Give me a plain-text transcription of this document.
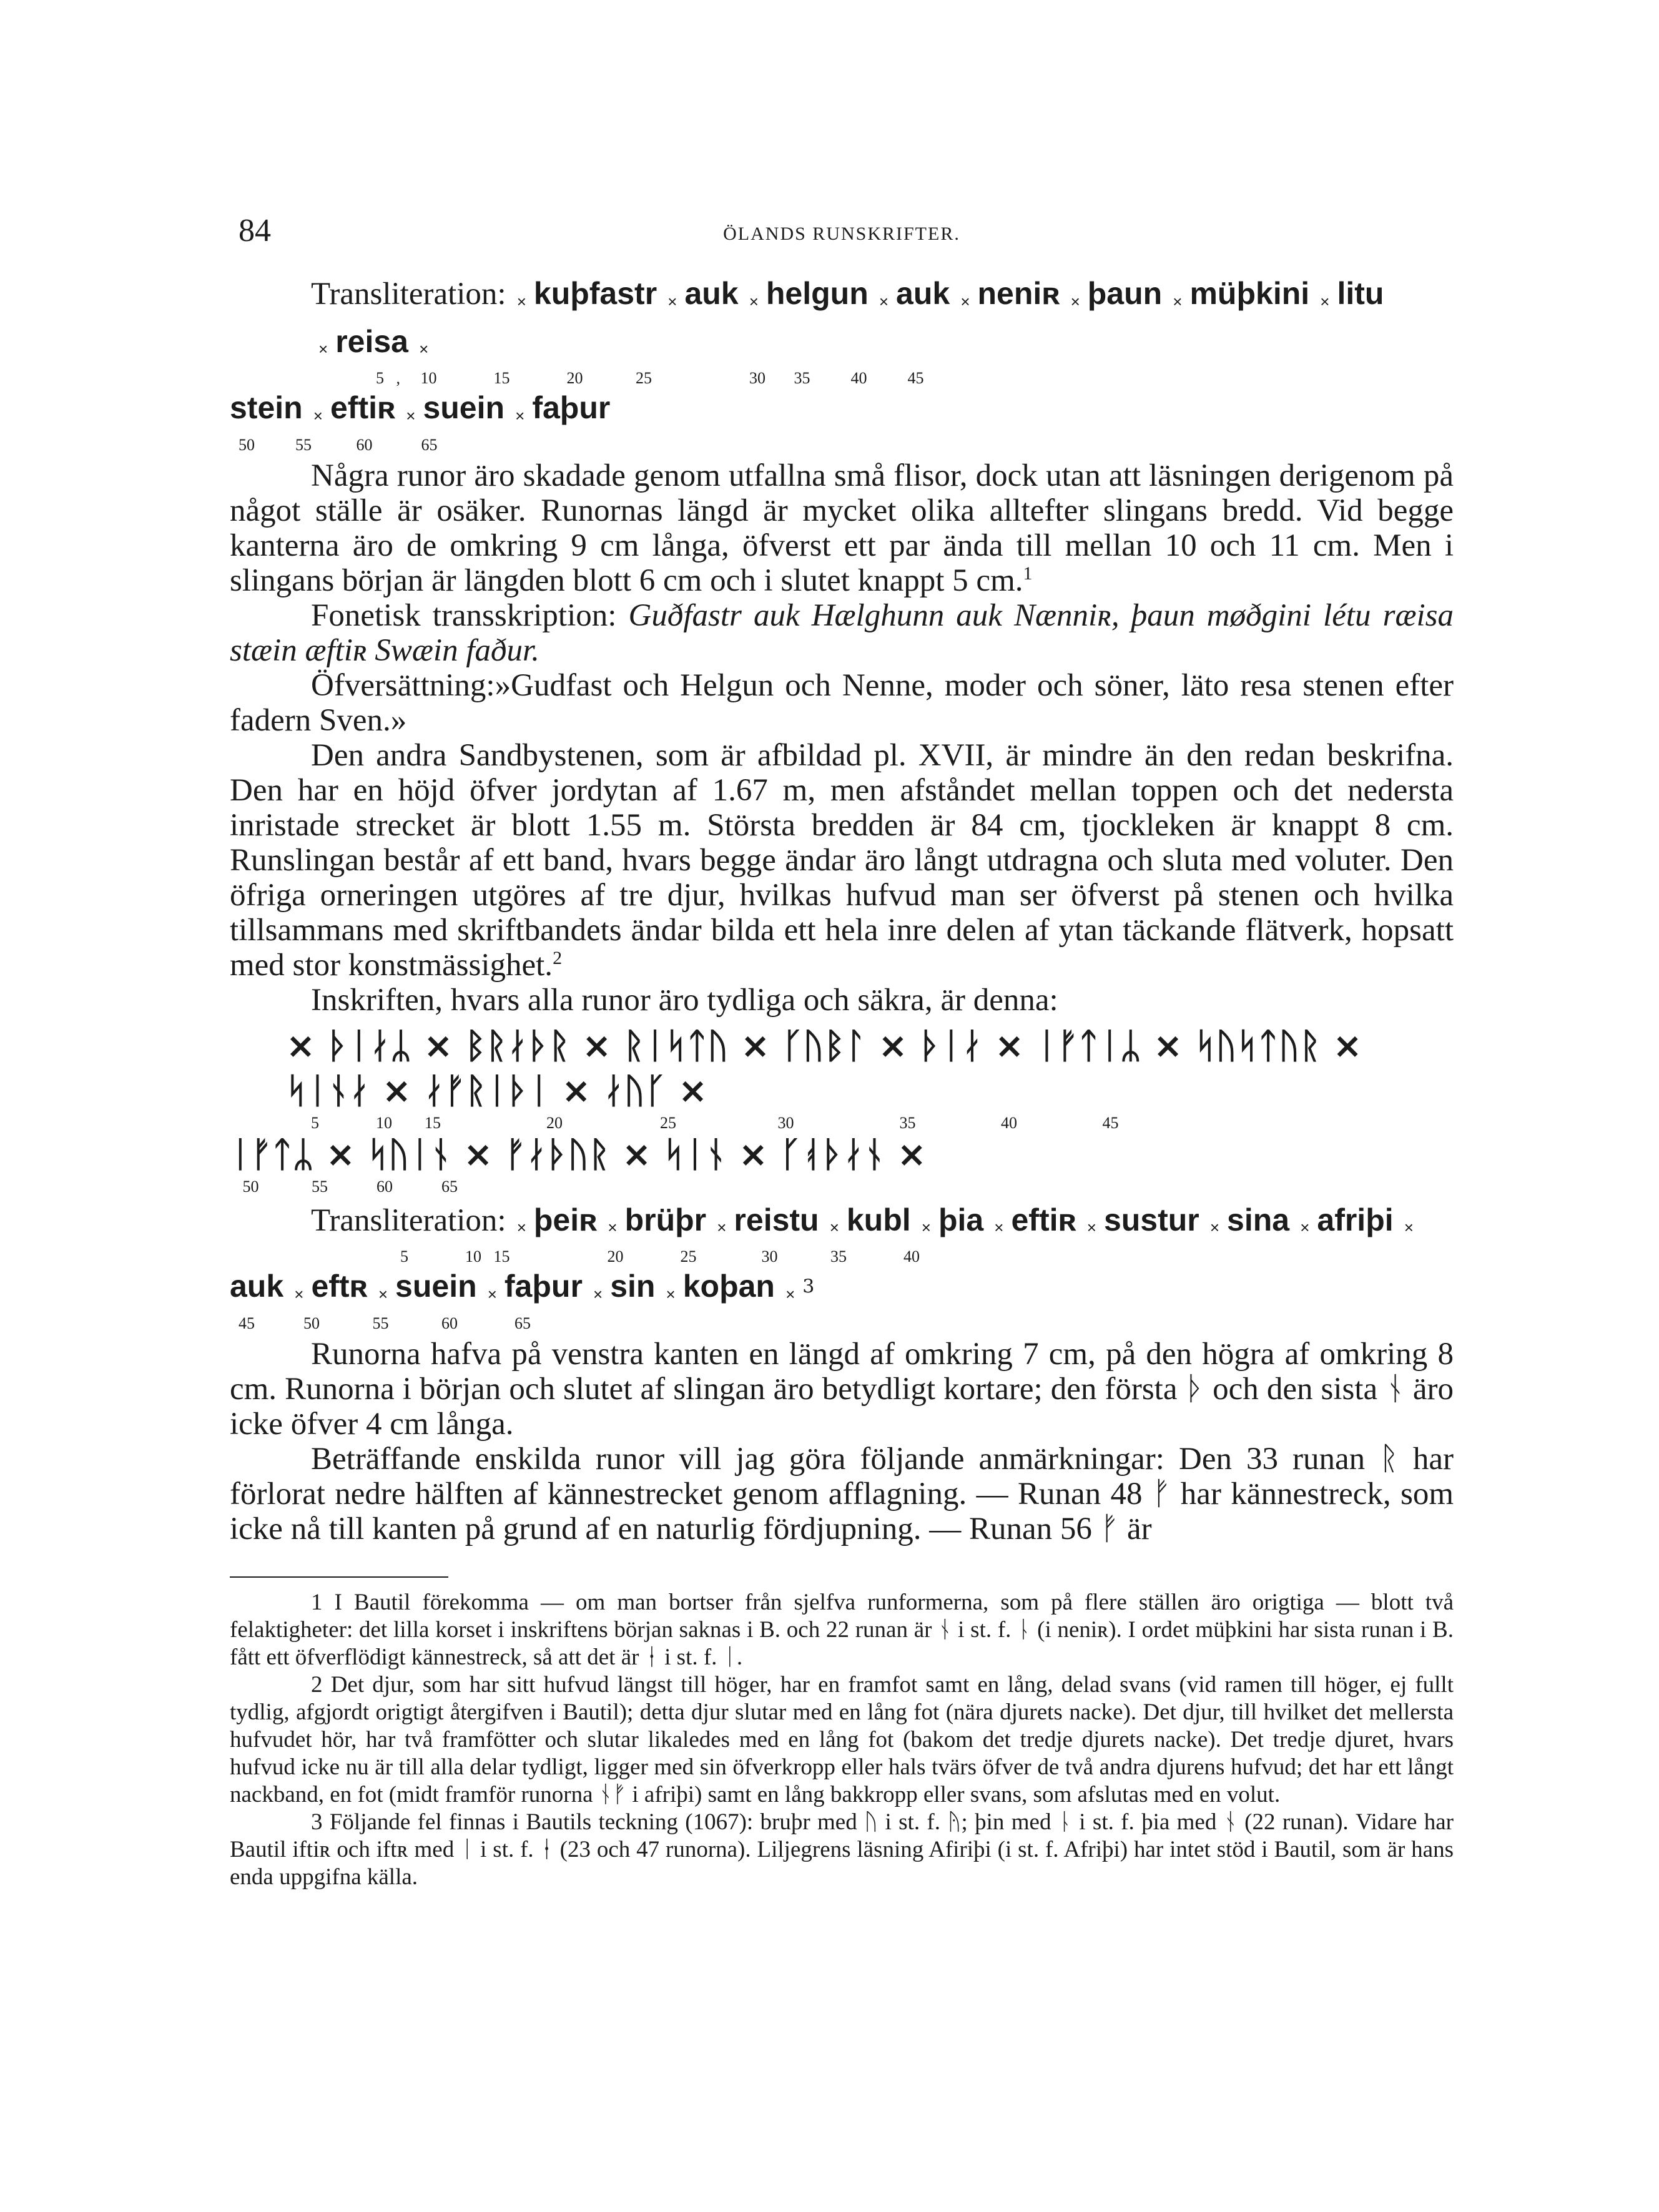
84	ÖLANDS RUNSKRIFTER.

Transliteration: × kuþfastr × auk × helgun × auk × neniʀ × þaun × müþkini × litu × reisa ×

5   ,     10              15              20             25                        30       35          40          45

stein × eftiʀ × suein × faþur

50          55           60            65

Några runor äro skadade genom utfallna små flisor, dock utan att läsningen derigenom på något ställe är osäker. Runornas längd är mycket olika alltefter slingans bredd. Vid begge kanterna äro de omkring 9 cm långa, öfverst ett par ända till mellan 10 och 11 cm. Men i slingans början är längden blott 6 cm och i slutet knappt 5 cm.$^1$

Fonetisk transskription: Guðfastr auk Hælghunn auk Nænniʀ, þaun møðgini létu ræisa stæin æftiʀ Swæin faður.

Öfversättning:»Gudfast och Helgun och Nenne, moder och söner, läto resa stenen efter fadern Sven.»

Den andra Sandbystenen, som är afbildad pl. XVII, är mindre än den redan beskrifna. Den har en höjd öfver jordytan af 1.67 m, men afståndet mellan toppen och det nedersta inristade strecket är blott 1.55 m. Största bredden är 84 cm, tjockleken är knappt 8 cm. Runslingan består af ett band, hvars begge ändar äro långt utdragna och sluta med voluter. Den öfriga orneringen utgöres af tre djur, hvilkas hufvud man ser öfverst på stenen och hvilka tillsammans med skriftbandets ändar bilda ett hela inre delen af ytan täckande flätverk, hopsatt med stor konstmässighet.$^2$

Inskriften, hvars alla runor äro tydliga och säkra, är denna:

× ᚦᛁᛅᛦ × ᛒᚱᛅᚦᚱ × ᚱᛁᛋᛏᚢ × ᚴᚢᛒᛚ × ᚦᛁᛅ × ᛁᚠᛏᛁᛦ × ᛋᚢᛋᛏᚢᚱ × ᛋᛁᚾᛅ × ᛅᚠᚱᛁᚦᛁ × ᛅᚢᚴ ×

5              10        15                          20                        25                         30                          35                     40                     45

ᛁᚠᛏᛦ × ᛋᚢᛁᚾ × ᚠᛅᚦᚢᚱ × ᛋᛁᚾ × ᚴᚮᚦᛅᚾ ×

50             55            60            65

Transliteration: × þeiʀ × brüþr × reistu × kubl × þia × eftiʀ × sustur × sina × afriþi ×

5              10   15                        20              25                30             35              40

auk × eftʀ × suein × faþur × sin × koþan × 3

45            50             55             60              65

Runorna hafva på venstra kanten en längd af omkring 7 cm, på den högra af omkring 8 cm. Runorna i början och slutet af slingan äro betydligt kortare; den första ᚦ och den sista ᚾ äro icke öfver 4 cm långa.

Beträffande enskilda runor vill jag göra följande anmärkningar: Den 33 runan ᚱ har förlorat nedre hälften af kännestrecket genom afflagning. — Runan 48 ᚠ har kännestreck, som icke nå till kanten på grund af en naturlig fördjupning. — Runan 56 ᚠ är

1 I Bautil förekomma — om man bortser från sjelfva runformerna, som på flere ställen äro origtiga — blott två felaktigheter: det lilla korset i inskriftens början saknas i B. och 22 runan är ᚾ i st. f. ᚿ (i neniʀ). I ordet müþkini har sista runan i B. fått ett öfverflödigt kännestreck, så att det är ᛂ i st. f. ᛁ.

2 Det djur, som har sitt hufvud längst till höger, har en framfot samt en lång, delad svans (vid ramen till höger, ej fullt tydlig, afgjordt origtigt återgifven i Bautil); detta djur slutar med en lång fot (nära djurets nacke). Det djur, till hvilket det mellersta hufvudet hör, har två framfötter och slutar likaledes med en lång fot (bakom det tredje djurets nacke). Det tredje djuret, hvars hufvud icke nu är till alla delar tydligt, ligger med sin öfverkropp eller hals tvärs öfver de två andra djurens hufvud; det har ett långt nackband, en fot (midt framför runorna ᚾᚠ i afriþi) samt en lång bakkropp eller svans, som afslutas med en volut.

3 Följande fel finnas i Bautils teckning (1067): bruþr med ᚢ i st. f. ᚤ; þin med ᚿ i st. f. þia med ᚾ (22 runan). Vidare har Bautil iftiʀ och iftʀ med ᛁ i st. f. ᛂ (23 och 47 runorna). Liljegrens läsning Afiriþi (i st. f. Afriþi) har intet stöd i Bautil, som är hans enda uppgifna källa.
